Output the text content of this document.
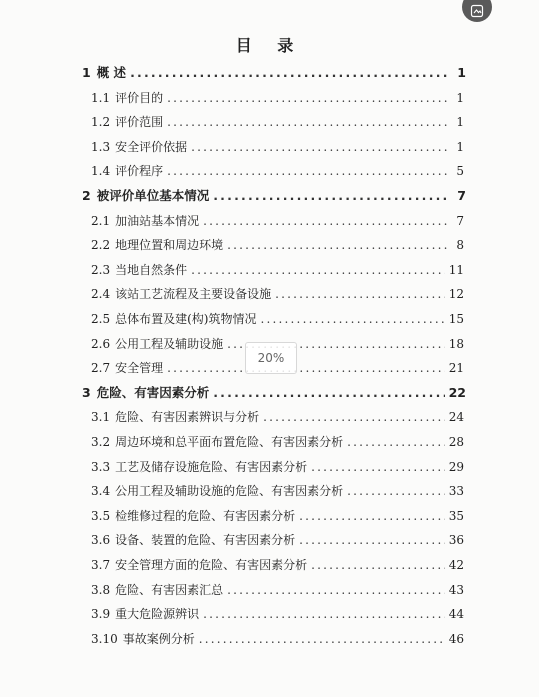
目 录
1 概 述 .....	1
1.1 评价目的 .....	1
1.2 评价范围 .....	1
1.3 安全评价依据 .....	1
1.4 评价程序 .....	5
2 被评价单位基本情况 .....	7
2.1 加油站基本情况 .....	7
2.2 地理位置和周边环境 .....	8
2.3 当地自然条件 .....	11
2.4 该站工艺流程及主要设备设施 .....	12
2.5 总体布置及建(构)筑物情况 .....	15
2.6 公用工程及辅助设施 .....	18
2.7 安全管理 .....	21
3 危险、有害因素分析 .....	22
3.1 危险、有害因素辨识与分析 .....	24
3.2 周边环境和总平面布置危险、有害因素分析 .....	28
3.3 工艺及储存设施危险、有害因素分析 .....	29
3.4 公用工程及辅助设施的危险、有害因素分析 .....	33
3.5 检维修过程的危险、有害因素分析 .....	35
3.6 设备、装置的危险、有害因素分析 .....	36
3.7 安全管理方面的危险、有害因素分析 .....	42
3.8 危险、有害因素汇总 .....	43
3.9 重大危险源辨识 .....	44
3.10 事故案例分析 .....	46
20%
